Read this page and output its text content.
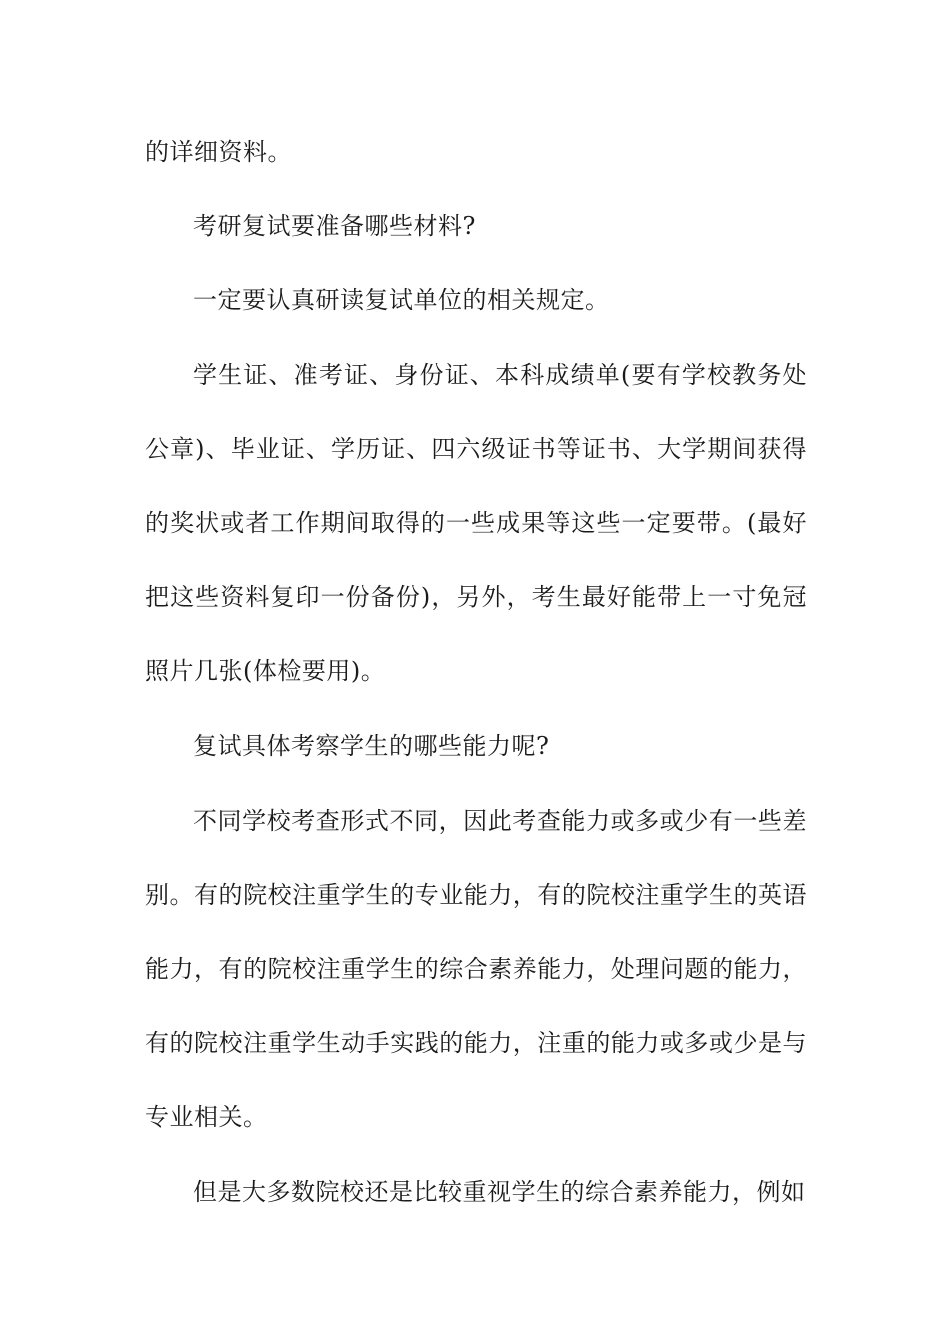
的详细资料。

考研复试要准备哪些材料?

一定要认真研读复试单位的相关规定。

学生证、准考证、身份证、本科成绩单(要有学校教务处公章)、毕业证、学历证、四六级证书等证书、大学期间获得的奖状或者工作期间取得的一些成果等这些一定要带。(最好把这些资料复印一份备份)，另外，考生最好能带上一寸免冠照片几张(体检要用)。

复试具体考察学生的哪些能力呢?

不同学校考查形式不同，因此考查能力或多或少有一些差别。有的院校注重学生的专业能力，有的院校注重学生的英语能力，有的院校注重学生的综合素养能力，处理问题的能力，有的院校注重学生动手实践的能力，注重的能力或多或少是与专业相关。

但是大多数院校还是比较重视学生的综合素养能力，例如
